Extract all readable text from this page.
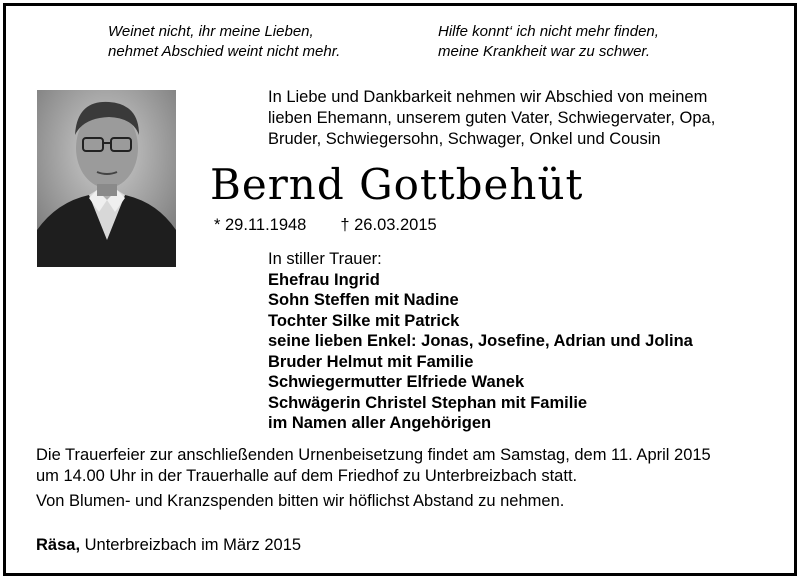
Weinet nicht, ihr meine Lieben,
nehmet Abschied weint nicht mehr.
Hilfe konnt‘ ich nicht mehr finden,
meine Krankheit war zu schwer.
In Liebe und Dankbarkeit nehmen wir Abschied von meinem
lieben Ehemann, unserem guten Vater, Schwiegervater, Opa,
Bruder, Schwiegersohn, Schwager, Onkel und Cousin
Bernd Gottbehüt
* 29.11.1948 † 26.03.2015
In stiller Trauer:
Ehefrau Ingrid
Sohn Steffen mit Nadine
Tochter Silke mit Patrick
seine lieben Enkel: Jonas, Josefine, Adrian und Jolina
Bruder Helmut mit Familie
Schwiegermutter Elfriede Wanek
Schwägerin Christel Stephan mit Familie
im Namen aller Angehörigen
Die Trauerfeier zur anschließenden Urnenbeisetzung findet am Samstag, dem 11. April 2015
um 14.00 Uhr in der Trauerhalle auf dem Friedhof zu Unterbreizbach statt.
Von Blumen- und Kranzspenden bitten wir höflichst Abstand zu nehmen.
Räsa, Unterbreizbach im März 2015
